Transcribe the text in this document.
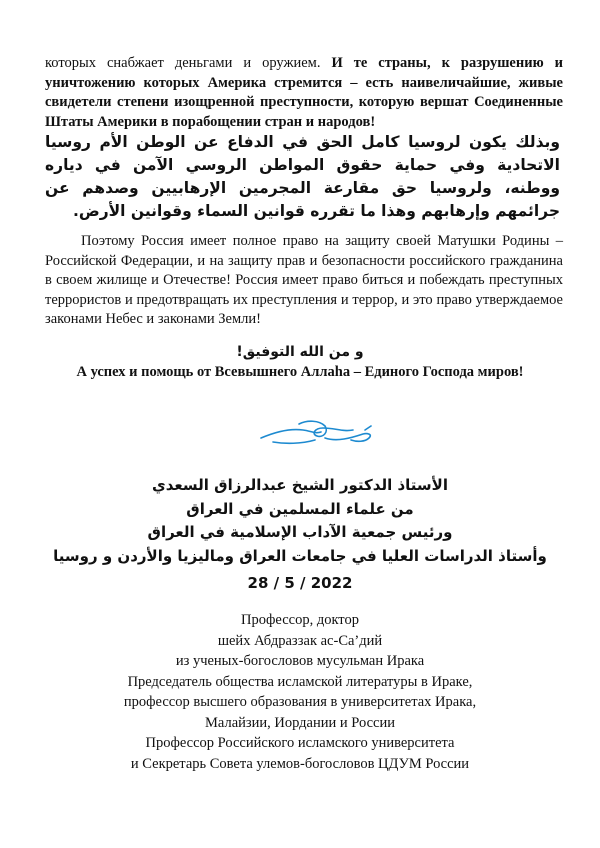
которых снабжает деньгами и оружием. И те страны, к разрушению и уничтожению которых Америка стремится – есть наивеличайшие, живые свидетели степени изощренной преступности, которую вершат Соединенные Штаты Америки в порабощении стран и народов!

وبذلك يكون لروسيا كامل الحق في الدفاع عن الوطن الأم روسيا الاتحادية وفي حماية حقوق المواطن الروسي الآمن في دياره ووطنه، ولروسيا حق مقارعة المجرمين الإرهابيين وصدهم عن جرائمهم وإرهابهم وهذا ما تقرره قوانين السماء وقوانين الأرض.

Поэтому Россия имеет полное право на защиту своей Матушки Родины – Российской Федерации, и на защиту прав и безопасности российского гражданина в своем жилище и Отечестве! Россия имеет право биться и побеждать преступных террористов и предотвращать их преступления и террор, и это право утверждаемое законами Небес и законами Земли!

و من الله التوفيق!
А успех и помощь от Всевышнего Аллаhа – Единого Господа миров!
الأستاذ الدكتور الشيخ عبدالرزاق السعدي
من علماء المسلمين في العراق
ورئيس جمعية الآداب الإسلامية في العراق
وأستاذ الدراسات العليا في جامعات العراق وماليزيا والأردن و روسيا
2022 / 5 / 28
Профессор, доктор
шейх Абдраззак ас-Са’дий
из ученых-богословов мусульман Ирака
Председатель общества исламской литературы в Ираке,
профессор высшего образования в университетах Ирака,
Малайзии, Иордании и России
Профессор Российского исламского университета
и Секретарь Совета улемов-богословов ЦДУМ России
